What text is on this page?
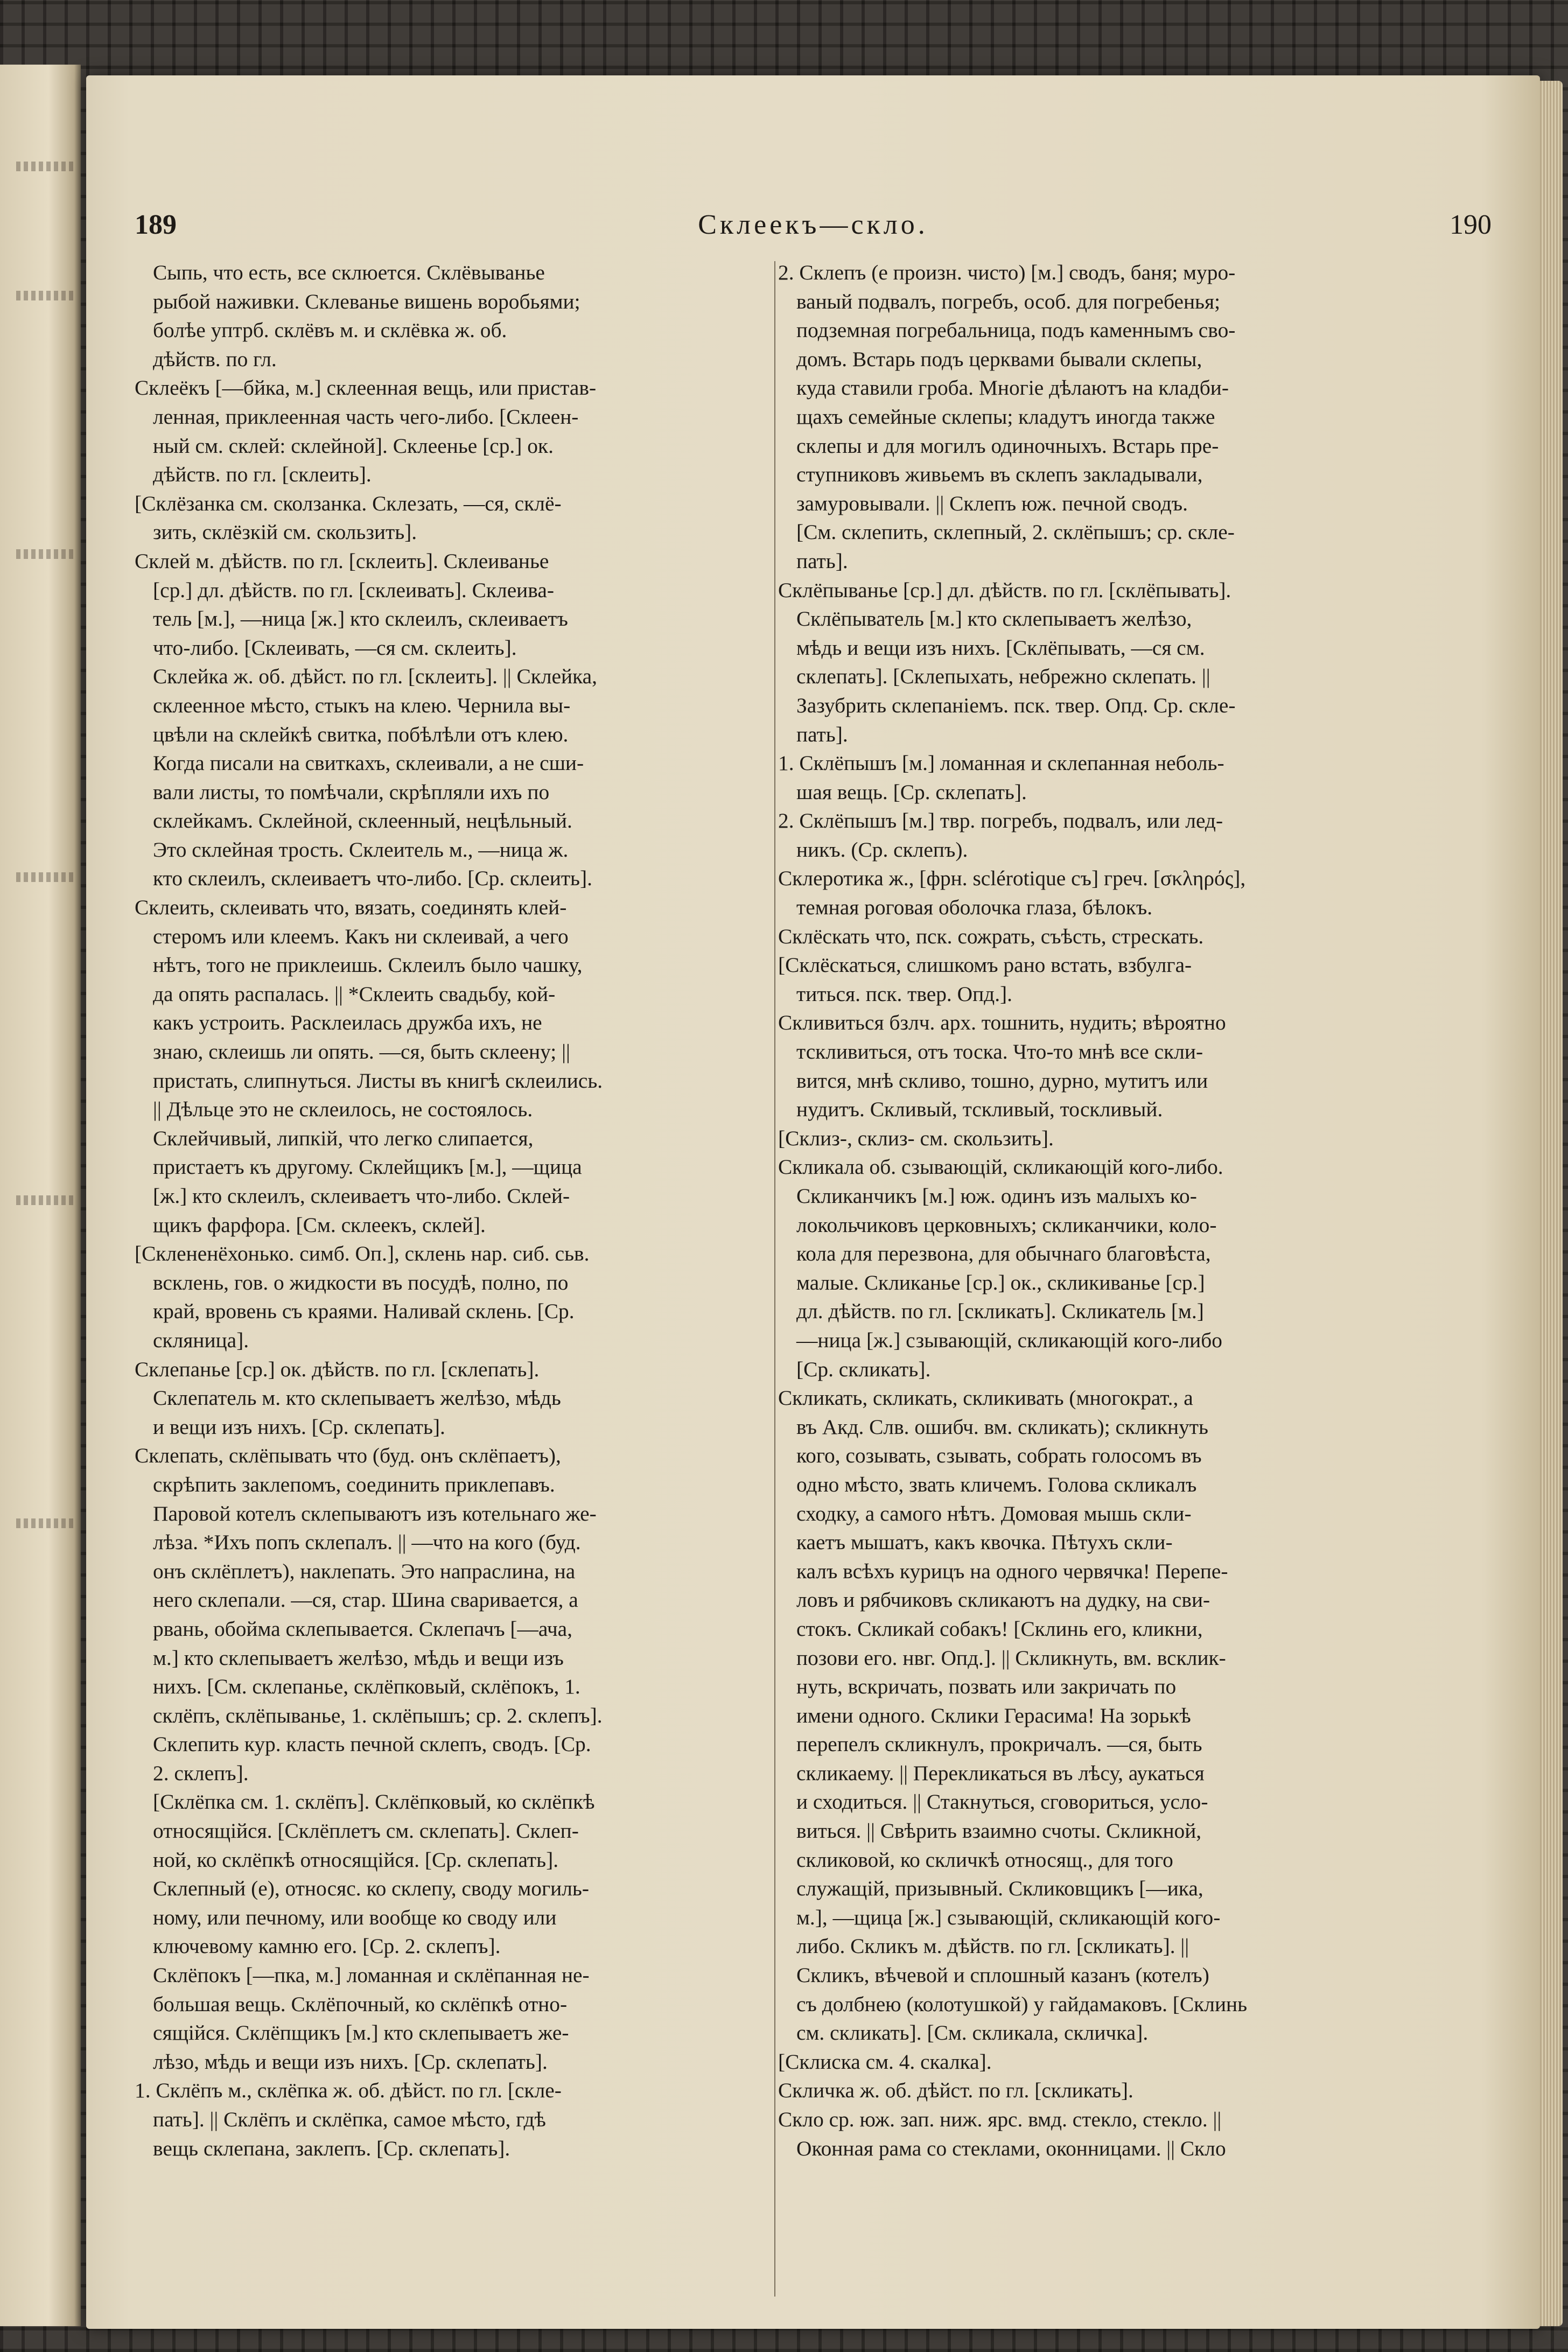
189	Склеекъ—скло.	190
Сыпь, что есть, все склюется. Склёвыванье
рыбой наживки. Склеванье вишень воробьями;
болѣе уптрб. склёвъ м. и склёвка ж. об.
дѣйств. по гл.
Склеёкъ [—бйка, м.] склеенная вещь, или пристав-
ленная, приклеенная часть чего-либо. [Склеен-
ный см. склей: склейной]. Склеенье [ср.] ок.
дѣйств. по гл. [склеить].
[Склёзанка см. сколзанка. Склезать, —ся, склё-
зить, склёзкій см. скользить].
Склей м. дѣйств. по гл. [склеить]. Склеиванье
[ср.] дл. дѣйств. по гл. [склеивать]. Склеива-
тель [м.], —ница [ж.] кто склеилъ, склеиваетъ
что-либо. [Склеивать, —ся см. склеить].
Склейка ж. об. дѣйст. по гл. [склеить]. || Склейка,
склеенное мѣсто, стыкъ на клею. Чернила вы-
цвѣли на склейкѣ свитка, побѣлѣли отъ клею.
Когда писали на свиткахъ, склеивали, а не сши-
вали листы, то помѣчали, скрѣпляли ихъ по
склейкамъ. Склейной, склеенный, нецѣльный.
Это склейная трость. Склеитель м., —ница ж.
кто склеилъ, склеиваетъ что-либо. [Ср. склеить].
Склеить, склеивать что, вязать, соединять клей-
стеромъ или клеемъ. Какъ ни склеивай, а чего
нѣтъ, того не приклеишь. Склеилъ было чашку,
да опять распалась. || *Склеить свадьбу, кой-
какъ устроить. Расклеилась дружба ихъ, не
знаю, склеишь ли опять. —ся, быть склеену; ||
пристать, слипнуться. Листы въ книгѣ склеились.
|| Дѣльце это не склеилось, не состоялось.
Склейчивый, липкій, что легко слипается,
пристаетъ къ другому. Склейщикъ [м.], —щица
[ж.] кто склеилъ, склеиваетъ что-либо. Склей-
щикъ фарфора. [См. склеекъ, склей].
[Склененёхонько. симб. Оп.], склень нар. сиб. сьв.
всклень, гов. о жидкости въ посудѣ, полно, по
край, вровень съ краями. Наливай склень. [Ср.
скляница].
Склепанье [ср.] ок. дѣйств. по гл. [склепать].
Склепатель м. кто склепываетъ желѣзо, мѣдь
и вещи изъ нихъ. [Ср. склепать].
Склепать, склёпывать что (буд. онъ склёпаетъ),
скрѣпить заклепомъ, соединить приклепавъ.
Паровой котелъ склепываютъ изъ котельнаго же-
лѣза. *Ихъ попъ склепалъ. || —что на кого (буд.
онъ склёплетъ), наклепать. Это напраслина, на
него склепали. —ся, стар. Шина сваривается, а
рвань, обойма склепывается. Склепачъ [—ача,
м.] кто склепываетъ желѣзо, мѣдь и вещи изъ
нихъ. [См. склепанье, склёпковый, склёпокъ, 1.
склёпъ, склёпыванье, 1. склёпышъ; ср. 2. склепъ].
Склепить кур. класть печной склепъ, сводъ. [Ср.
2. склепъ].
[Склёпка см. 1. склёпъ]. Склёпковый, ко склёпкѣ
относящійся. [Склёплетъ см. склепать]. Склеп-
ной, ко склёпкѣ относящійся. [Ср. склепать].
Склепный (е), относяс. ко склепу, своду могиль-
ному, или печному, или вообще ко своду или
ключевому камню его. [Ср. 2. склепъ].
Склёпокъ [—пка, м.] ломанная и склёпанная не-
большая вещь. Склёпочный, ко склёпкѣ отно-
сящійся. Склёпщикъ [м.] кто склепываетъ же-
лѣзо, мѣдь и вещи изъ нихъ. [Ср. склепать].
1. Склёпъ м., склёпка ж. об. дѣйст. по гл. [скле-
пать]. || Склёпъ и склёпка, самое мѣсто, гдѣ
вещь склепана, заклепъ. [Ср. склепать].
2. Склепъ (е произн. чисто) [м.] сводъ, баня; муро-
ваный подвалъ, погребъ, особ. для погребенья;
подземная погребальница, подъ каменнымъ сво-
домъ. Встарь подъ церквами бывали склепы,
куда ставили гроба. Многіе дѣлаютъ на кладби-
щахъ семейные склепы; кладутъ иногда также
склепы и для могилъ одиночныхъ. Встарь пре-
ступниковъ живьемъ въ склепъ закладывали,
замуровывали. || Склепъ юж. печной сводъ.
[См. склепить, склепный, 2. склёпышъ; ср. скле-
пать].
Склёпыванье [ср.] дл. дѣйств. по гл. [склёпывать].
Склёпыватель [м.] кто склепываетъ желѣзо,
мѣдь и вещи изъ нихъ. [Склёпывать, —ся см.
склепать]. [Склепыхать, небрежно склепать. ||
Зазубрить склепаніемъ. пск. твер. Опд. Ср. скле-
пать].
1. Склёпышъ [м.] ломанная и склепанная неболь-
шая вещь. [Ср. склепать].
2. Склёпышъ [м.] твр. погребъ, подвалъ, или лед-
никъ. (Ср. склепъ).
Склеротика ж., [фрн. sclérotique съ] греч. [σκληρός],
темная роговая оболочка глаза, бѣлокъ.
Склёскать что, пск. сожрать, съѣсть, стрескать.
[Склёскаться, слишкомъ рано встать, взбулга-
титься. пск. твер. Опд.].
Скливиться бзлч. арх. тошнить, нудить; вѣроятно
тскливиться, отъ тоска. Что-то мнѣ все скли-
вится, мнѣ скливо, тошно, дурно, мутитъ или
нудитъ. Скливый, тскливый, тоскливый.
[Склиз-, склиз- см. скользить].
Скликала об. сзывающій, скликающій кого-либо.
Скликанчикъ [м.] юж. одинъ изъ малыхъ ко-
локольчиковъ церковныхъ; скликанчики, коло-
кола для перезвона, для обычнаго благовѣста,
малые. Скликанье [ср.] ок., скликиванье [ср.]
дл. дѣйств. по гл. [скликать]. Скликатель [м.]
—ница [ж.] сзывающій, скликающій кого-либо
[Ср. скликать].
Скликать, скликать, скликивать (многократ., а
въ Акд. Слв. ошибч. вм. скликать); скликнуть
кого, созывать, сзывать, собрать голосомъ въ
одно мѣсто, звать кличемъ. Голова скликалъ
сходку, а самого нѣтъ. Домовая мышь скли-
каетъ мышатъ, какъ квочка. Пѣтухъ скли-
калъ всѣхъ курицъ на одного червячка! Перепе-
ловъ и рябчиковъ скликаютъ на дудку, на сви-
стокъ. Скликай собакъ! [Склинь его, кликни,
позови его. нвг. Опд.]. || Скликнуть, вм. всклик-
нуть, вскричать, позвать или закричать по
имени одного. Склики Герасима! На зорькѣ
перепелъ скликнулъ, прокричалъ. —ся, быть
скликаему. || Перекликаться въ лѣсу, аукаться
и сходиться. || Стакнуться, сговориться, усло-
виться. || Свѣрить взаимно счоты. Скликной,
скликовой, ко скличкѣ относящ., для того
служащій, призывный. Скликовщикъ [—ика,
м.], —щица [ж.] сзывающій, скликающій кого-
либо. Скликъ м. дѣйств. по гл. [скликать]. ||
Скликъ, вѣчевой и сплошный казанъ (котелъ)
съ долбнею (колотушкой) у гайдамаковъ. [Склинь
см. скликать]. [См. скликала, скличка].
[Склиска см. 4. скалка].
Скличка ж. об. дѣйст. по гл. [скликать].
Скло ср. юж. зап. ниж. ярс. вмд. стекло, стекло. ||
Оконная рама со стеклами, оконницами. || Скло
